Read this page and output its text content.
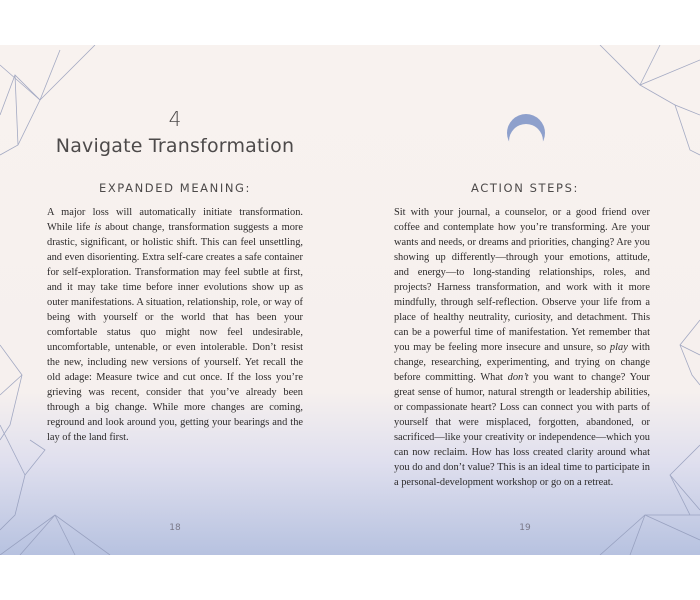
4
Navigate Transformation
EXPANDED MEANING:

A major loss will automatically initiate transformation. While life is about change, transformation suggests a more drastic, significant, or holistic shift. This can feel unsettling, and even disorienting. Extra self-care creates a safe container for self-exploration. Transformation may feel subtle at first, and it may take time before inner evolutions show up as outer manifestations. A situation, relationship, role, or way of being with yourself or the world that has been your comfortable status quo might now feel undesirable, uncomfortable, untenable, or even intolerable. Don’t resist the new, including new versions of yourself. Yet recall the old adage: Measure twice and cut once. If the loss you’re grieving was recent, consider that you’ve already been through a big change. While more changes are coming, reground and look around you, getting your bearings and the lay of the land first.

18
ACTION STEPS:

Sit with your journal, a counselor, or a good friend over coffee and contemplate how you’re transforming. Are your wants and needs, or dreams and priorities, changing? Are you showing up differently—through your emotions, attitude, and energy—to long-standing relationships, roles, and projects? Harness transformation, and work with it more mindfully, through self-reflection. Observe your life from a place of healthy neutrality, curiosity, and detachment. This can be a powerful time of manifestation. Yet remember that you may be feeling more insecure and unsure, so play with change, researching, experimenting, and trying on change before committing. What don’t you want to change? Your great sense of humor, natural strength or leadership abilities, or compassionate heart? Loss can connect you with parts of yourself that were misplaced, forgotten, abandoned, or sacrificed—like your creativity or independence—which you can now reclaim. How has loss created clarity around what you do and don’t value? This is an ideal time to participate in a personal-development workshop or go on a retreat.

19
